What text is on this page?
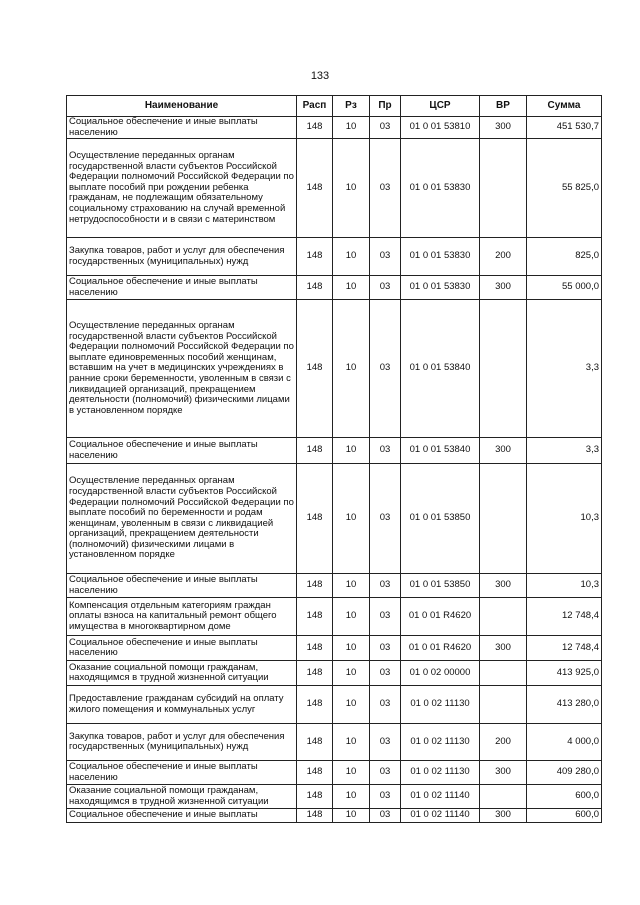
133
Наименование	Расп	Рз	Пр	ЦСР	ВР	Сумма
Социальное обеспечение и иные выплаты населению	148	10	03	01 0 01 53810	300	451 530,7
Осуществление переданных органам государственной власти субъектов Российской Федерации полномочий Российской Федерации по выплате пособий при рождении ребенка гражданам, не подлежащим обязательному социальному страхованию на случай временной нетрудоспособности и в связи с материнством	148	10	03	01 0 01 53830		55 825,0
Закупка товаров, работ и услуг для обеспечения государственных (муниципальных) нужд	148	10	03	01 0 01 53830	200	825,0
Социальное обеспечение и иные выплаты населению	148	10	03	01 0 01 53830	300	55 000,0
Осуществление переданных органам государственной власти субъектов Российской Федерации полномочий Российской Федерации по выплате единовременных пособий женщинам, вставшим на учет в медицинских учреждениях в ранние сроки беременности, уволенным в связи с ликвидацией организаций, прекращением деятельности (полномочий) физическими лицами в установленном порядке	148	10	03	01 0 01 53840		3,3
Социальное обеспечение и иные выплаты населению	148	10	03	01 0 01 53840	300	3,3
Осуществление переданных органам государственной власти субъектов Российской Федерации полномочий Российской Федерации по выплате пособий по беременности и родам женщинам, уволенным в связи с ликвидацией организаций, прекращением деятельности (полномочий) физическими лицами в установленном порядке	148	10	03	01 0 01 53850		10,3
Социальное обеспечение и иные выплаты населению	148	10	03	01 0 01 53850	300	10,3
Компенсация отдельным категориям граждан оплаты взноса на капитальный ремонт общего имущества в многоквартирном доме	148	10	03	01 0 01 R4620		12 748,4
Социальное обеспечение и иные выплаты населению	148	10	03	01 0 01 R4620	300	12 748,4
Оказание социальной помощи гражданам, находящимся в трудной жизненной ситуации	148	10	03	01 0 02 00000		413 925,0
Предоставление гражданам субсидий на оплату жилого помещения и коммунальных услуг	148	10	03	01 0 02 11130		413 280,0
Закупка товаров, работ и услуг для обеспечения государственных (муниципальных) нужд	148	10	03	01 0 02 11130	200	4 000,0
Социальное обеспечение и иные выплаты населению	148	10	03	01 0 02 11130	300	409 280,0
Оказание социальной помощи гражданам, находящимся в трудной жизненной ситуации	148	10	03	01 0 02 11140		600,0
Социальное обеспечение и иные выплаты	148	10	03	01 0 02 11140	300	600,0
